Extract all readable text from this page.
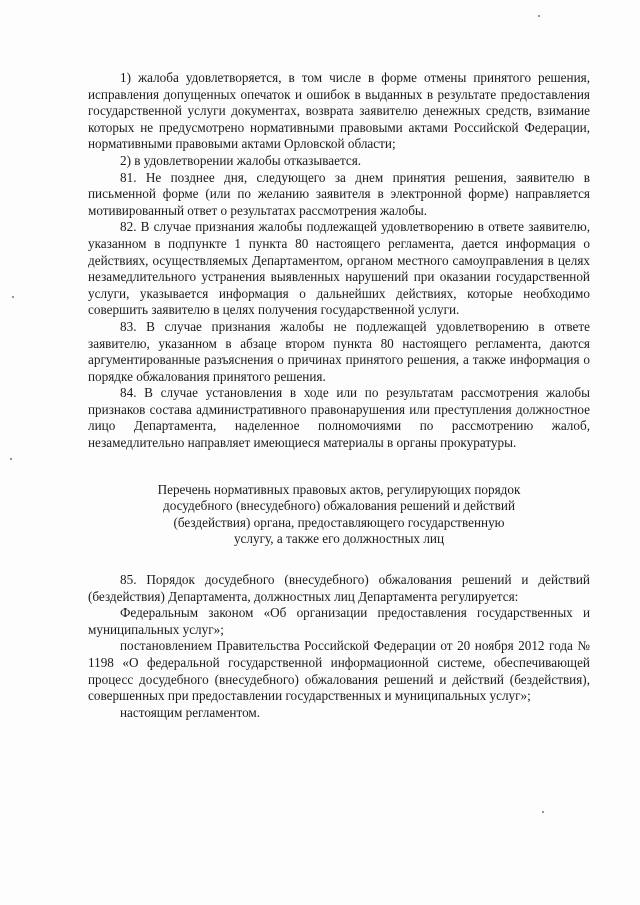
1) жалоба удовлетворяется, в том числе в форме отмены принятого решения, исправления допущенных опечаток и ошибок в выданных в результате предоставления государственной услуги документах, возврата заявителю денежных средств, взимание которых не предусмотрено нормативными правовыми актами Российской Федерации, нормативными правовыми актами Орловской области;

2) в удовлетворении жалобы отказывается.

81. Не позднее дня, следующего за днем принятия решения, заявителю в письменной форме (или по желанию заявителя в электронной форме) направляется мотивированный ответ о результатах рассмотрения жалобы.

82. В случае признания жалобы подлежащей удовлетворению в ответе заявителю, указанном в подпункте 1 пункта 80 настоящего регламента, дается информация о действиях, осуществляемых Департаментом, органом местного самоуправления в целях незамедлительного устранения выявленных нарушений при оказании государственной услуги, указывается информация о дальнейших действиях, которые необходимо совершить заявителю в целях получения государственной услуги.

83. В случае признания жалобы не подлежащей удовлетворению в ответе заявителю, указанном в абзаце втором пункта 80 настоящего регламента, даются аргументированные разъяснения о причинах принятого решения, а также информация о порядке обжалования принятого решения.

84. В случае установления в ходе или по результатам рассмотрения жалобы признаков состава административного правонарушения или преступления должностное лицо Департамента, наделенное полномочиями по рассмотрению жалоб, незамедлительно направляет имеющиеся материалы в органы прокуратуры.

Перечень нормативных правовых актов, регулирующих порядок
досудебного (внесудебного) обжалования решений и действий
(бездействия) органа, предоставляющего государственную
услугу, а также его должностных лиц

85. Порядок досудебного (внесудебного) обжалования решений и действий (бездействия) Департамента, должностных лиц Департамента регулируется:

Федеральным законом «Об организации предоставления государственных и муниципальных услуг»;

постановлением Правительства Российской Федерации от 20 ноября 2012 года № 1198 «О федеральной государственной информационной системе, обеспечивающей процесс досудебного (внесудебного) обжалования решений и действий (бездействия), совершенных при предоставлении государственных и муниципальных услуг»;

настоящим регламентом.
